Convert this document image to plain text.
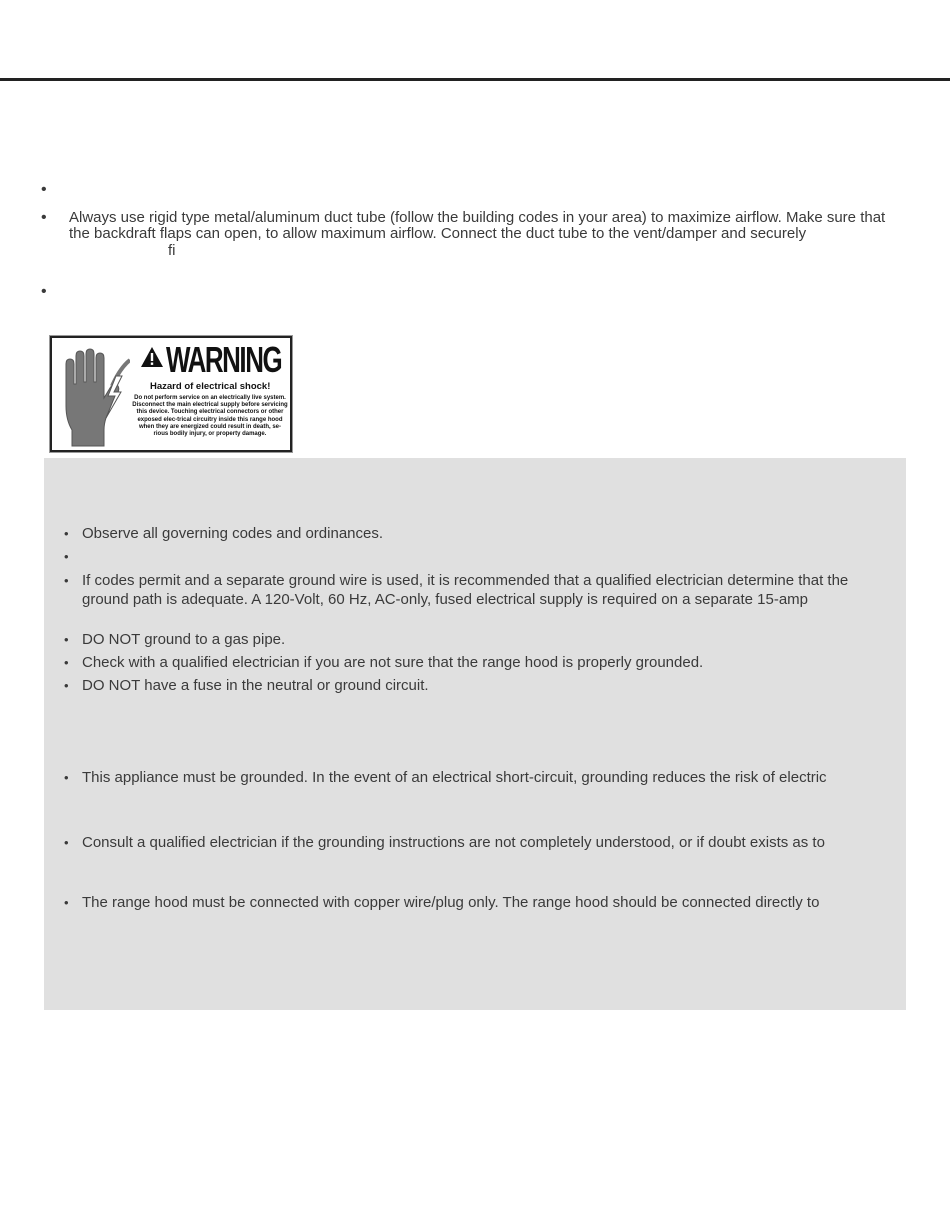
•
• Always use rigid type metal/aluminum duct tube (follow the building codes in your area) to maximize airflow. Make sure that the backdraft flaps can open, to allow maximum airflow. Connect the duct tube to the vent/damper and securely
fi
•
WARNING
Hazard of electrical shock!
Do not perform service on an electrically live system. Disconnect the main electrical supply before servicing this device. Touching electrical connectors or other exposed elec-trical circuitry inside this range hood when they are energized could result in death, se-rious bodily injury, or property damage.
• Observe all governing codes and ordinances.
•
• If codes permit and a separate ground wire is used, it is recommended that a qualified electrician determine that the ground path is adequate. A 120-Volt, 60 Hz, AC-only, fused electrical supply is required on a separate 15-amp
• DO NOT ground to a gas pipe.
• Check with a qualified electrician if you are not sure that the range hood is properly grounded.
• DO NOT have a fuse in the neutral or ground circuit.
• This appliance must be grounded. In the event of an electrical short-circuit, grounding reduces the risk of electric
• Consult a qualified electrician if the grounding instructions are not completely understood, or if doubt exists as to
• The range hood must be connected with copper wire/plug only. The range hood should be connected directly to
